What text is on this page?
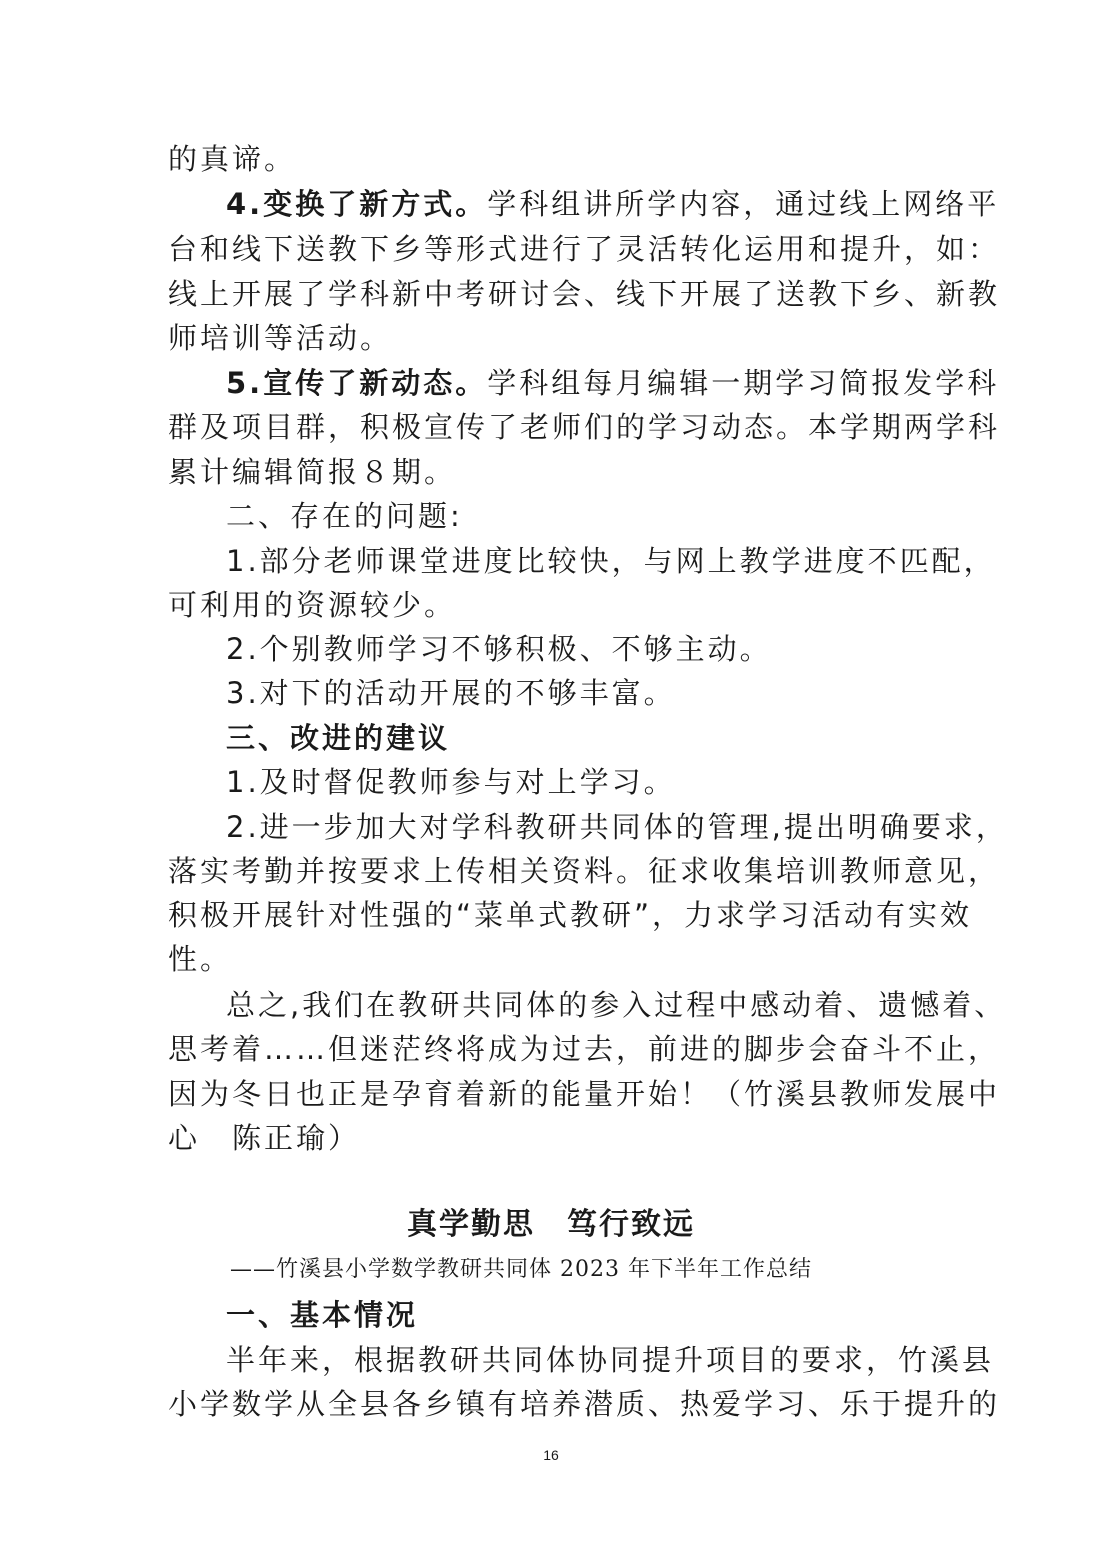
的真谛。
4.变换了新方式。学科组讲所学内容，通过线上网络平
台和线下送教下乡等形式进行了灵活转化运用和提升，如：
线上开展了学科新中考研讨会、线下开展了送教下乡、新教
师培训等活动。
5.宣传了新动态。学科组每月编辑一期学习简报发学科
群及项目群，积极宣传了老师们的学习动态。本学期两学科
累计编辑简报８期。
二、存在的问题:
1.部分老师课堂进度比较快，与网上教学进度不匹配，
可利用的资源较少。
2.个别教师学习不够积极、不够主动。
3.对下的活动开展的不够丰富。
三、改进的建议
1.及时督促教师参与对上学习。
2.进一步加大对学科教研共同体的管理,提出明确要求，
落实考勤并按要求上传相关资料。征求收集培训教师意见，
积极开展针对性强的“菜单式教研”，力求学习活动有实效
性。
总之,我们在教研共同体的参入过程中感动着、遗憾着、
思考着……但迷茫终将成为过去，前进的脚步会奋斗不止，
因为冬日也正是孕育着新的能量开始！（竹溪县教师发展中
心　陈正瑜）
真学勤思　笃行致远
——竹溪县小学数学教研共同体 2023 年下半年工作总结
一、基本情况
半年来，根据教研共同体协同提升项目的要求，竹溪县
小学数学从全县各乡镇有培养潜质、热爱学习、乐于提升的
16
